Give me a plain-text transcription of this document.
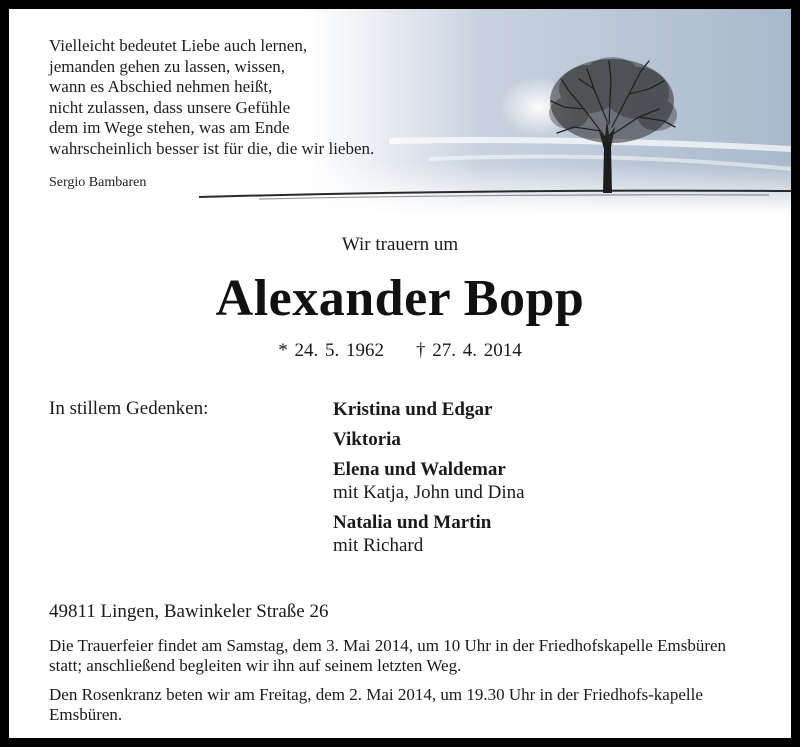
Vielleicht bedeutet Liebe auch lernen,
jemanden gehen zu lassen, wissen,
wann es Abschied nehmen heißt,
nicht zulassen, dass unsere Gefühle
dem im Wege stehen, was am Ende
wahrscheinlich besser ist für die, die wir lieben.
Sergio Bambaren
Wir trauern um
Alexander Bopp
* 24. 5. 1962 † 27. 4. 2014
In stillem Gedenken:	Kristina und Edgar
Viktoria
Elena und Waldemar
mit Katja, John und Dina
Natalia und Martin
mit Richard
49811 Lingen, Bawinkeler Straße 26
Die Trauerfeier findet am Samstag, dem 3. Mai 2014, um 10 Uhr in der Friedhofskapelle Emsbüren statt; anschließend begleiten wir ihn auf seinem letzten Weg.
Den Rosenkranz beten wir am Freitag, dem 2. Mai 2014, um 19.30 Uhr in der Friedhofs-kapelle Emsbüren.
